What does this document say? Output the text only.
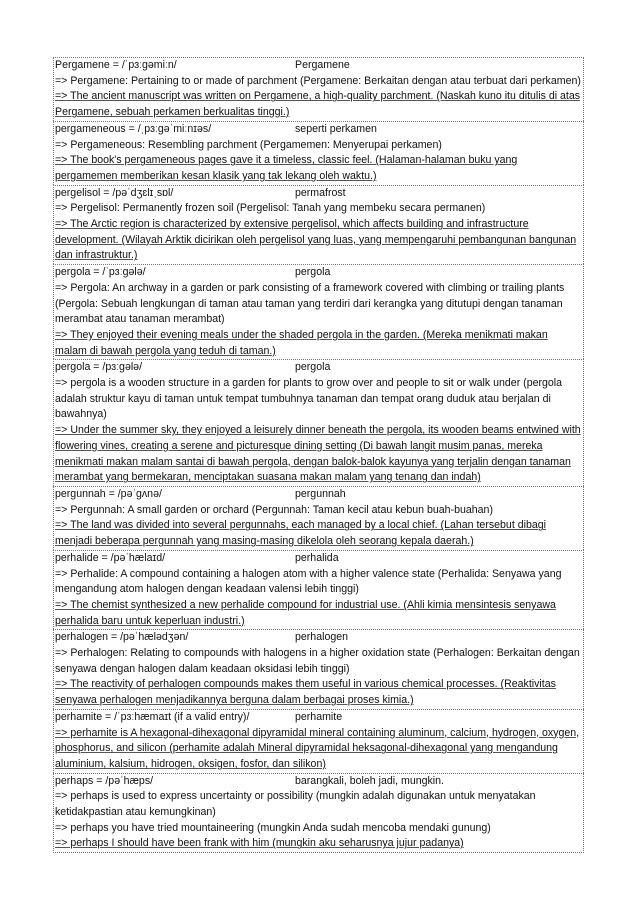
Pergamene = /ˈpɜːɡəmiːn/	Pergamene
=> Pergamene: Pertaining to or made of parchment (Pergamene: Berkaitan dengan atau terbuat dari perkamen)
=> The ancient manuscript was written on Pergamene, a high-quality parchment. (Naskah kuno itu ditulis di atas Pergamene, sebuah perkamen berkualitas tinggi.)
pergameneous = /ˌpɜːɡəˈmiːnɪəs/	seperti perkamen
=> Pergameneous: Resembling parchment (Pergamemen: Menyerupai perkamen)
=> The book's pergameneous pages gave it a timeless, classic feel. (Halaman-halaman buku yang pergamemen memberikan kesan klasik yang tak lekang oleh waktu.)
pergelisol = /pəˈdʒɛlɪˌsɒl/	permafrost
=> Pergelisol: Permanently frozen soil (Pergelisol: Tanah yang membeku secara permanen)
=> The Arctic region is characterized by extensive pergelisol, which affects building and infrastructure development. (Wilayah Arktik dicirikan oleh pergelisol yang luas, yang mempengaruhi pembangunan bangunan dan infrastruktur.)
pergola = /ˈpɜːɡələ/	pergola
=> Pergola: An archway in a garden or park consisting of a framework covered with climbing or trailing plants (Pergola: Sebuah lengkungan di taman atau taman yang terdiri dari kerangka yang ditutupi dengan tanaman merambat atau tanaman merambat)
=> They enjoyed their evening meals under the shaded pergola in the garden. (Mereka menikmati makan malam di bawah pergola yang teduh di taman.)
pergola = /pɜːɡələ/	pergola
=> pergola is a wooden structure in a garden for plants to grow over and people to sit or walk under (pergola adalah struktur kayu di taman untuk tempat tumbuhnya tanaman dan tempat orang duduk atau berjalan di bawahnya)
=> Under the summer sky, they enjoyed a leisurely dinner beneath the pergola, its wooden beams entwined with flowering vines, creating a serene and picturesque dining setting (Di bawah langit musim panas, mereka menikmati makan malam santai di bawah pergola, dengan balok-balok kayunya yang terjalin dengan tanaman merambat yang bermekaran, menciptakan suasana makan malam yang tenang dan indah)
pergunnah = /pəˈɡʌnə/	pergunnah
=> Pergunnah: A small garden or orchard (Pergunnah: Taman kecil atau kebun buah-buahan)
=> The land was divided into several pergunnahs, each managed by a local chief. (Lahan tersebut dibagi menjadi beberapa pergunnah yang masing-masing dikelola oleh seorang kepala daerah.)
perhalide = /pəˈhælaɪd/	perhalida
=> Perhalide: A compound containing a halogen atom with a higher valence state (Perhalida: Senyawa yang mengandung atom halogen dengan keadaan valensi lebih tinggi)
=> The chemist synthesized a new perhalide compound for industrial use. (Ahli kimia mensintesis senyawa perhalida baru untuk keperluan industri.)
perhalogen = /pəˈhælədʒən/	perhalogen
=> Perhalogen: Relating to compounds with halogens in a higher oxidation state (Perhalogen: Berkaitan dengan senyawa dengan halogen dalam keadaan oksidasi lebih tinggi)
=> The reactivity of perhalogen compounds makes them useful in various chemical processes. (Reaktivitas senyawa perhalogen menjadikannya berguna dalam berbagai proses kimia.)
perhamite = /ˈpɜːhæmaɪt (if a valid entry)/	perhamite
=> perhamite is A hexagonal-dihexagonal dipyramidal mineral containing aluminum, calcium, hydrogen, oxygen, phosphorus, and silicon (perhamite adalah Mineral dipyramidal heksagonal-dihexagonal yang mengandung aluminium, kalsium, hidrogen, oksigen, fosfor, dan silikon)
perhaps = /pəˈhæps/	barangkali, boleh jadi, mungkin.
=> perhaps is used to express uncertainty or possibility (mungkin adalah digunakan untuk menyatakan ketidakpastian atau kemungkinan)
=> perhaps you have tried mountaineering (mungkin Anda sudah mencoba mendaki gunung)
=> perhaps I should have been frank with him (mungkin aku seharusnya jujur padanya)
